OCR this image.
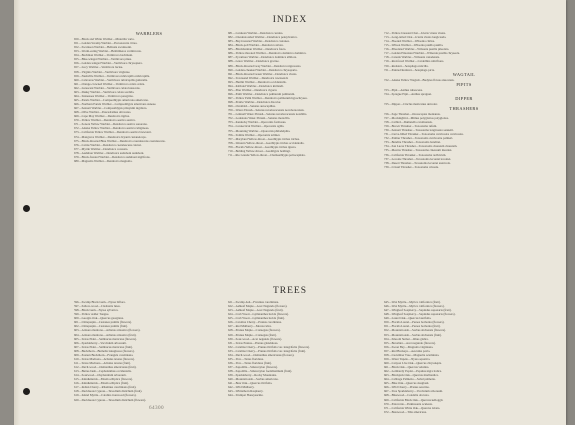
INDEX
WARBLERS
650—Black and White Warbler—Mniotilta varia.
651—Golden Swamp Warbler—Protonotaria citrea.
652—Swainson Warbler—Helinaia swainsonii.
653—Worm-eating Warbler—Helmitheros vermivorus.
654—Bachman Warbler—Vermivora bachmani.
655—Blue-winged Warbler—Vermivora pinus.
656—Golden-winged Warbler—Vermivora chrysoptera.
657—Lucy Warbler—Vermivora luciae.
658—Virginia Warbler—Vermivora virginiae.
659—Nashville Warbler—Vermivora rubricapilla rubricapilla.
660—Calaveras Warbler—Vermivora rubricapilla gutturalis.
661—Orange-crowned Warbler—Vermivora celata celata.
662—Lutescent Warbler—Vermivora celata lutescens.
663—Dusky Warbler—Vermivora celata sordida.
664—Tennessee Warbler—Vermivora peregrina.
665—Parula Warbler—Compsothlypis americana americana.
666—Northern Parula Warbler—Compsothlypis americana usneae.
667—Sennett Warbler—Compsothlypis pitiayumi nigrilora.
668—Olive Warbler—Peucedramus olivaceus.
669—Cape May Warbler—Dendroica tigrina.
670—Yellow Warbler—Dendroica aestiva aestiva.
671—Sonora Yellow Warbler—Dendroica aestiva sonorana.
672—Alaska Yellow Warbler—Dendroica aestiva rubiginosa.
673—California Yellow Warbler—Dendroica aestiva brewsteri.
674—Mangrove Warbler—Dendroica bryanti castaneiceps.
675—Black-throated Blue Warbler—Dendroica caerulescens caerulescens.
676—Cairns Warbler—Dendroica caerulescens cairnsi.
677—Myrtle Warbler—Dendroica coronata.
678—Audubon Warbler—Dendroica auduboni auduboni.
679—Black-fronted Warbler—Dendroica auduboni nigrifrons.
680—Magnolia Warbler—Dendroica magnolia.
681—Cerulean Warbler—Dendroica cerulea.
682—Chestnut-sided Warbler—Dendroica pensylvanica.
683—Bay-breasted Warbler—Dendroica castanea.
684—Black-poll Warbler—Dendroica striata.
685—Blackburnian Warbler—Dendroica fusca.
686—Yellow-throated Warbler—Dendroica dominica dominica.
687—Sycamore Warbler—Dendroica dominica albilora.
688—Grace Warbler—Dendroica graciae.
689—Black-throated Gray Warbler—Dendroica nigrescens.
690—Golden-cheeked Warbler—Dendroica chrysoparia.
691—Black-throated Green Warbler—Dendroica virens.
692—Townsend Warbler—Dendroica townsendi.
693—Hermit Warbler—Dendroica occidentalis.
694—Kirtland Warbler—Dendroica kirtlandi.
695—Pine Warbler—Dendroica vigorsi.
696—Palm Warbler—Dendroica palmarum palmarum.
697—Yellow Palm Warbler—Dendroica palmarum hypochrysea.
698—Prairie Warbler—Dendroica discolor.
699—Ovenbird—Seiurus aurocapillus.
700—Water-Thrush—Seiurus noveboracensis noveboracensis.
701—Grinnell Water-Thrush—Seiurus noveboracensis notabilis.
702—Louisiana Water-Thrush—Seiurus motacilla.
703—Kentucky Warbler—Oporornis formosus.
704—Connecticut Warbler—Oporornis agilis.
705—Mourning Warbler—Oporornis philadelphia.
706—Tolmie Warbler—Oporornis tolmiei.
707—Maryland Yellow-throat—Geothlypis trichas trichas.
708—Western Yellow-throat—Geothlypis trichas occidentalis.
709—Florida Yellow-throat—Geothlypis trichas ignota.
710—Belding Yellow-throat—Geothlypis beldingi.
711—Rio Grande Yellow-throat—Chamaethlypis poliocephala.
712—Yellow-breasted Chat—Icteria virens virens.
713—Long-tailed Chat—Icteria virens longicauda.
714—Hooded Warbler—Wilsonia citrina.
715—Wilson Warbler—Wilsonia pusilla pusilla.
716—Pileolated Warbler—Wilsonia pusilla pileolata.
717—Golden Pileolated Warbler—Wilsonia pusilla chryseola.
718—Canada Warbler—Wilsonia canadensis.
719—Red-faced Warbler—Cardellina rubrifrons.
720—Redstart—Setophaga ruticilla.
721—Painted Redstart—Setophaga picta.
WAGTAIL
722—Alaska Yellow Wagtail—Budytes flavus alascensis.
PIPITS
723—Pipit—Anthus rubescens.
724—Sprague Pipit—Anthus spraguei.
DIPPER
725—Dipper—Cinclus mexicanus unicolor.
THRASHERS
726—Sage Thrasher—Oreoscoptes montanus.
727—Mockingbird—Mimus polyglottos polyglottos.
728—Catbird—Dumetella carolinensis.
729—Brown Thrasher—Toxostoma rufum.
730—Sennett Thrasher—Toxostoma longirostre sennetti.
731—Curve-billed Thrasher—Toxostoma curvirostre curvirostre.
732—Palmer Thrasher—Toxostoma curvirostre palmeri.
733—Bendire Thrasher—Toxostoma bendirei.
734—San Lucas Thrasher—Toxostoma cinereum cinereum.
735—Mearns Thrasher—Toxostoma cinereum mearnsi.
736—California Thrasher—Toxostoma redivivum.
737—Leconte Thrasher—Toxostoma lecontei lecontei.
738—Desert Thrasher—Toxostoma lecontei arenicola.
739—Crissal Thrasher—Toxostoma crissale.
TREES
596—Swamp Black Gum—Nyssa biflora.
597—Sallow-wood—Cladrastis lutea.
598—Black Gum—Nyssa sylvatica.
599—Yellow Adder Tongue.
600—Georgia Oak—Quercus georgiana.
601—Chinquapin—Castanea pumila (flowers).
602—Chinquapin—Castanea pumila (fruit).
603—Arizona madrona—Arbutus arizonica (flowers).
604—Arizona madrona—Arbutus arizonica (fruit).
605—Texas Elder—Sambucus mexicana (flowers).
606—Sparkleberry—Vaccinium arboreum.
607—Texas Elder—Sambucus mexicana (fruit).
608—Buckthorn—Bumelia lanuginosa (flowers).
609—Eastern Buckthorn—Frangula caroliniana.
610—Texas Madrona—Arbutus texana (flowers).
611—Texas Madrona—Arbutus texana (fruit).
612—Devil-wood—Osmanthus americanus (fruit).
613—Butter-bush—Cephalanthus occidentalis.
614—Sourwood—Oxydendrum arboreum.
615—Kinnikinnick—Ehretia elliptica (flowers).
616—Kinnikinnick—Ehretia elliptica (fruit).
617—Indian Cherry—Rhamnus caroliniana (fruit).
618—Deciduous Cypress—Taxodium distichum (fruit).
619—Island Myrtle—Catalina ironwood (flowers).
620—Deciduous Cypress—Taxodium distichum (flowers).
621—Swamp Ash—Fraxinus caroliniana.
622—Ashleaf Maple—Acer Negundo (flowers).
623—Ashleaf Maple—Acer Negundo (fruit).
624—Crab Wood—Gymnanthes lucida (flowers).
625—Crab Wood—Gymnanthes lucida (fruit).
626—Carolina Cherry—Prunus caroliniana.
627—Red Mulberry—Morus rubra.
628—Prunus Maple—Crataegus (flowers).
629—Prunus Maple—Crataegus (fruit).
630—Sour-wood—Acer negundo (flowers).
631—Texas Prunus—Prunus glandulosa.
632—Catalina Cherry—Prunus ilicifolia var. integrifolia (flowers).
633—Catalina Cherry—Prunus ilicifolia var. integrifolia (fruit).
634—Devil-wood—Osmanthus americanus (flowers).
635—Yew—Taxus floridana.
636—Yew—Taxus floridana (fruit).
637—Sapodilla—Sideroxylon (flowers).
638—Sapodilla—Sideroxylon foetidissimum (fruit).
639—Sparkleberry—Rocky Mountains.
640—Mountain Ash—Sorbus americana.
641—Bear Oak—Quercus ilicifolia.
642—Wild Mulberry.
643—Whitethorn Raspberry.
644—Trumpet Honeysuckle.
645—Wax Myrtle—Myrica californica (fruit).
646—Wax Myrtle—Myrica californica (flowers).
647—Wingleaf Soapberry—Sapindus saponaria (fruit).
648—Wingleaf Soapberry—Sapindus saponaria (flowers).
649—Laurel Oak—Quercus laurifolia.
650—Florida Laurel—Persea borbonia (flowers).
651—Florida Laurel—Persea borbonia (fruit).
652—Mountain Ash—Sorbus sitchensis (flowers).
653—Mountain Ash—Sorbus sitchensis (fruit).
654—Smooth Sumac—Rhus glabra.
655—Boxelder—Acer negundo (flowers).
656—Sweet Bay—Magnolia virginiana.
657—Red Buckeye—Aesculus pavia.
658—Cucumber Tree—Magnolia acuminata.
659—Water Tupelo—Nyssa aquatica.
660—Canyon Live Oak—Quercus chrysolepis.
661—Black Oak—Quercus velutina.
662—Lombardy Poplar—Populus nigra italica.
663—Blackjack Oak—Quercus marilandica.
664—Cabbage Palmetto—Sabal palmetto.
665—Blue Oak—Quercus douglasii.
666—Wild Cherry—Prunus serotina.
667—Tree Sparkleberry—Vaccinium arboreum.
668—Bluewood—Condalia obovata.
669—California Black Oak—Quercus kelloggii.
670—Paloverde—Parkinsonia aculeata.
671—California White Oak—Quercus lobata.
672—Basswood—Tilia americana.
64300
